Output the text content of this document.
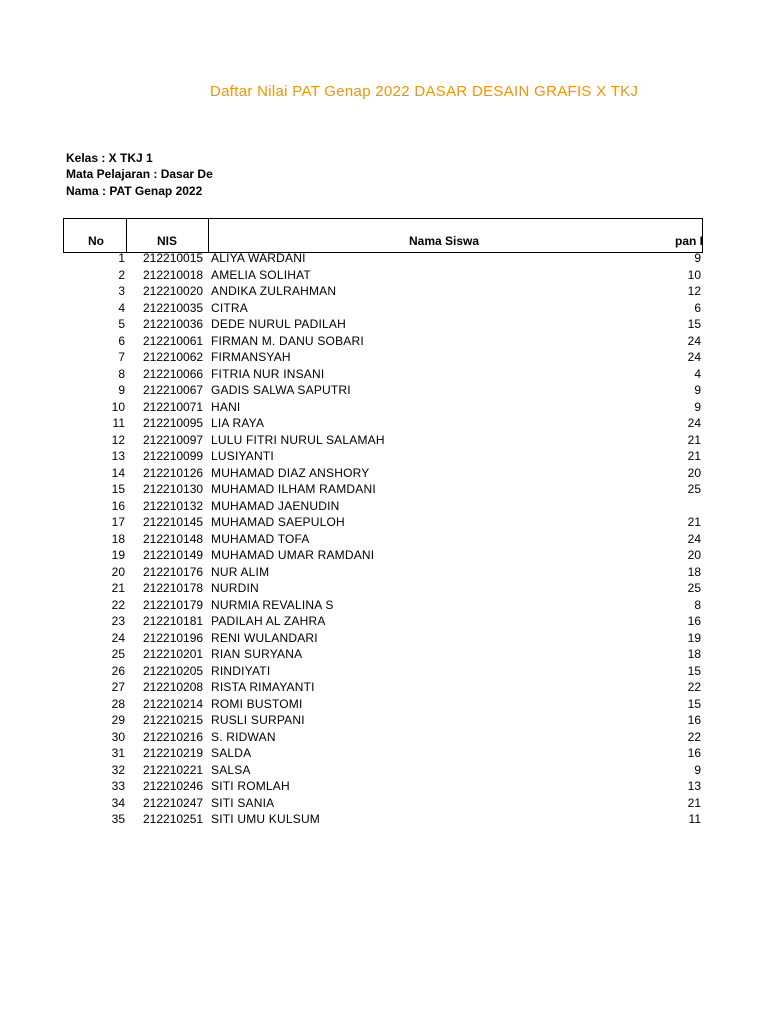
Daftar Nilai PAT Genap 2022 DASAR DESAIN GRAFIS X TKJ
Kelas : X TKJ 1
Mata Pelajaran : Dasar De
Nama : PAT Genap 2022
No	NIS	Nama Siswa	pan I
1 212210015 ALIYA WARDANI	9
2 212210018 AMELIA SOLIHAT	10
3 212210020 ANDIKA ZULRAHMAN	12
4 212210035 CITRA	6
5 212210036 DEDE NURUL PADILAH	15
6 212210061 FIRMAN M. DANU SOBARI	24
7 212210062 FIRMANSYAH	24
8 212210066 FITRIA NUR INSANI	4
9 212210067 GADIS SALWA SAPUTRI	9
10 212210071 HANI	9
11 212210095 LIA RAYA	24
12 212210097 LULU FITRI NURUL SALAMAH	21
13 212210099 LUSIYANTI	21
14 212210126 MUHAMAD DIAZ ANSHORY	20
15 212210130 MUHAMAD ILHAM RAMDANI	25
16 212210132 MUHAMAD JAENUDIN
17 212210145 MUHAMAD SAEPULOH	21
18 212210148 MUHAMAD TOFA	24
19 212210149 MUHAMAD UMAR RAMDANI	20
20 212210176 NUR ALIM	18
21 212210178 NURDIN	25
22 212210179 NURMIA REVALINA S	8
23 212210181 PADILAH AL ZAHRA	16
24 212210196 RENI WULANDARI	19
25 212210201 RIAN SURYANA	18
26 212210205 RINDIYATI	15
27 212210208 RISTA RIMAYANTI	22
28 212210214 ROMI BUSTOMI	15
29 212210215 RUSLI SURPANI	16
30 212210216 S. RIDWAN	22
31 212210219 SALDA	16
32 212210221 SALSA	9
33 212210246 SITI ROMLAH	13
34 212210247 SITI SANIA	21
35 212210251 SITI UMU KULSUM	11
